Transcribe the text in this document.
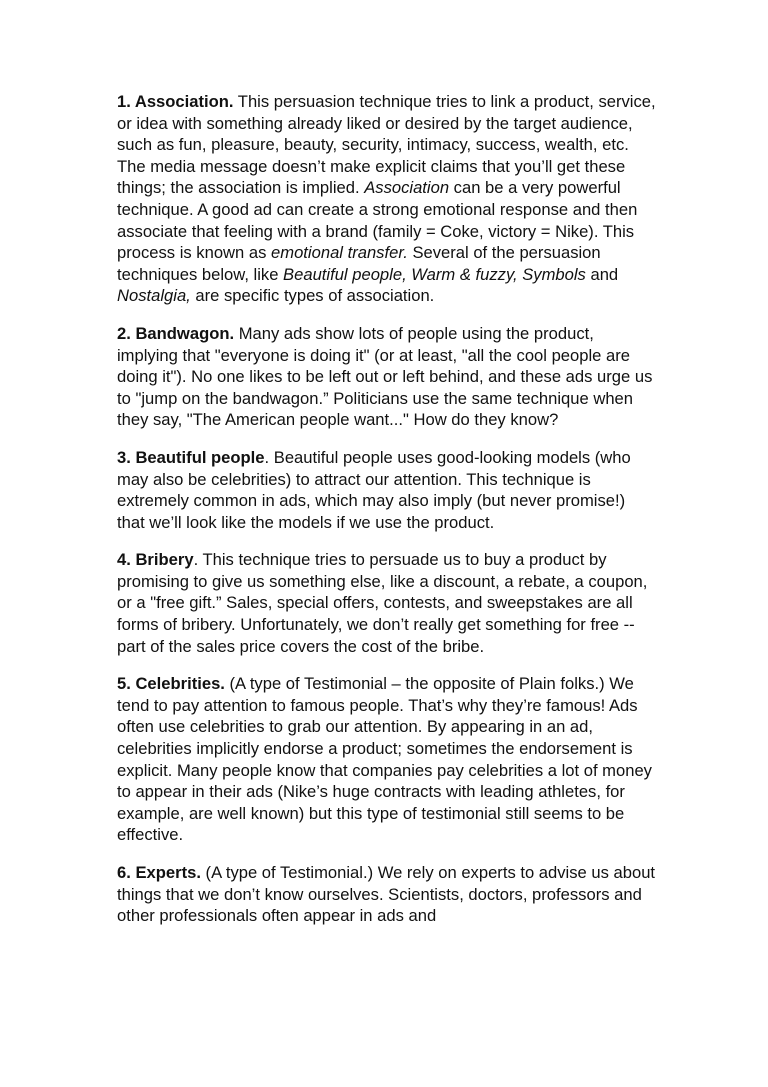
1. Association. This persuasion technique tries to link a product, service, or idea with something already liked or desired by the target audience, such as fun, pleasure, beauty, security, intimacy, success, wealth, etc. The media message doesn’t make explicit claims that you’ll get these things; the association is implied. Association can be a very powerful technique. A good ad can create a strong emotional response and then associate that feeling with a brand (family = Coke, victory = Nike). This process is known as emotional transfer. Several of the persuasion techniques below, like Beautiful people, Warm & fuzzy, Symbols and Nostalgia, are specific types of association.

2. Bandwagon. Many ads show lots of people using the product, implying that "everyone is doing it" (or at least, "all the cool people are doing it"). No one likes to be left out or left behind, and these ads urge us to "jump on the bandwagon.” Politicians use the same technique when they say, "The American people want..." How do they know?

3. Beautiful people. Beautiful people uses good-looking models (who may also be celebrities) to attract our attention. This technique is extremely common in ads, which may also imply (but never promise!) that we’ll look like the models if we use the product.

4. Bribery. This technique tries to persuade us to buy a product by promising to give us something else, like a discount, a rebate, a coupon, or a "free gift.” Sales, special offers, contests, and sweepstakes are all forms of bribery. Unfortunately, we don’t really get something for free -- part of the sales price covers the cost of the bribe.

5. Celebrities. (A type of Testimonial – the opposite of Plain folks.) We tend to pay attention to famous people. That’s why they’re famous! Ads often use celebrities to grab our attention. By appearing in an ad, celebrities implicitly endorse a product; sometimes the endorsement is explicit. Many people know that companies pay celebrities a lot of money to appear in their ads (Nike’s huge contracts with leading athletes, for example, are well known) but this type of testimonial still seems to be effective.

6. Experts. (A type of Testimonial.) We rely on experts to advise us about things that we don’t know ourselves. Scientists, doctors, professors and other professionals often appear in ads and
